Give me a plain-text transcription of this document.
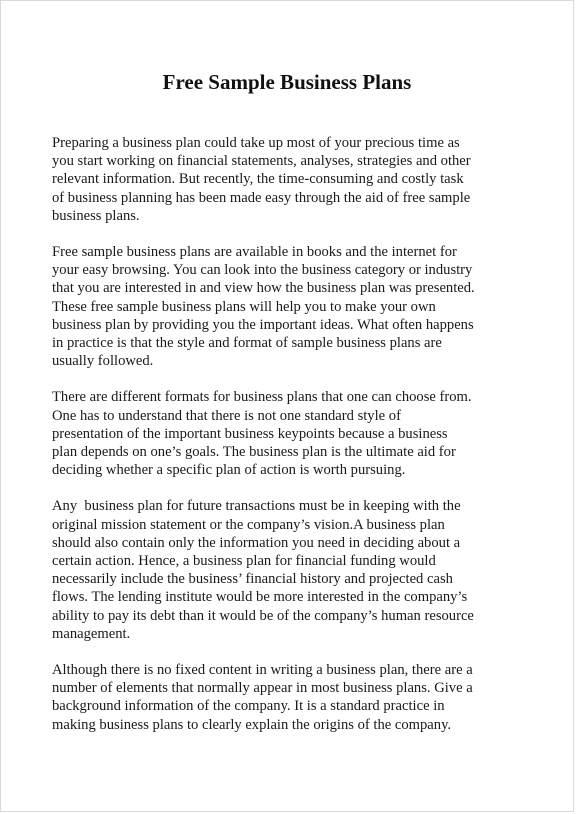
Free Sample Business Plans

Preparing a business plan could take up most of your precious time as
you start working on financial statements, analyses, strategies and other
relevant information. But recently, the time-consuming and costly task
of business planning has been made easy through the aid of free sample
business plans.

Free sample business plans are available in books and the internet for
your easy browsing. You can look into the business category or industry
that you are interested in and view how the business plan was presented.
These free sample business plans will help you to make your own
business plan by providing you the important ideas. What often happens
in practice is that the style and format of sample business plans are
usually followed.

There are different formats for business plans that one can choose from.
One has to understand that there is not one standard style of
presentation of the important business keypoints because a business
plan depends on one’s goals. The business plan is the ultimate aid for
deciding whether a specific plan of action is worth pursuing.

Any  business plan for future transactions must be in keeping with the
original mission statement or the company’s vision.A business plan
should also contain only the information you need in deciding about a
certain action. Hence, a business plan for financial funding would
necessarily include the business’ financial history and projected cash
flows. The lending institute would be more interested in the company’s
ability to pay its debt than it would be of the company’s human resource
management.

Although there is no fixed content in writing a business plan, there are a
number of elements that normally appear in most business plans. Give a
background information of the company. It is a standard practice in
making business plans to clearly explain the origins of the company.
